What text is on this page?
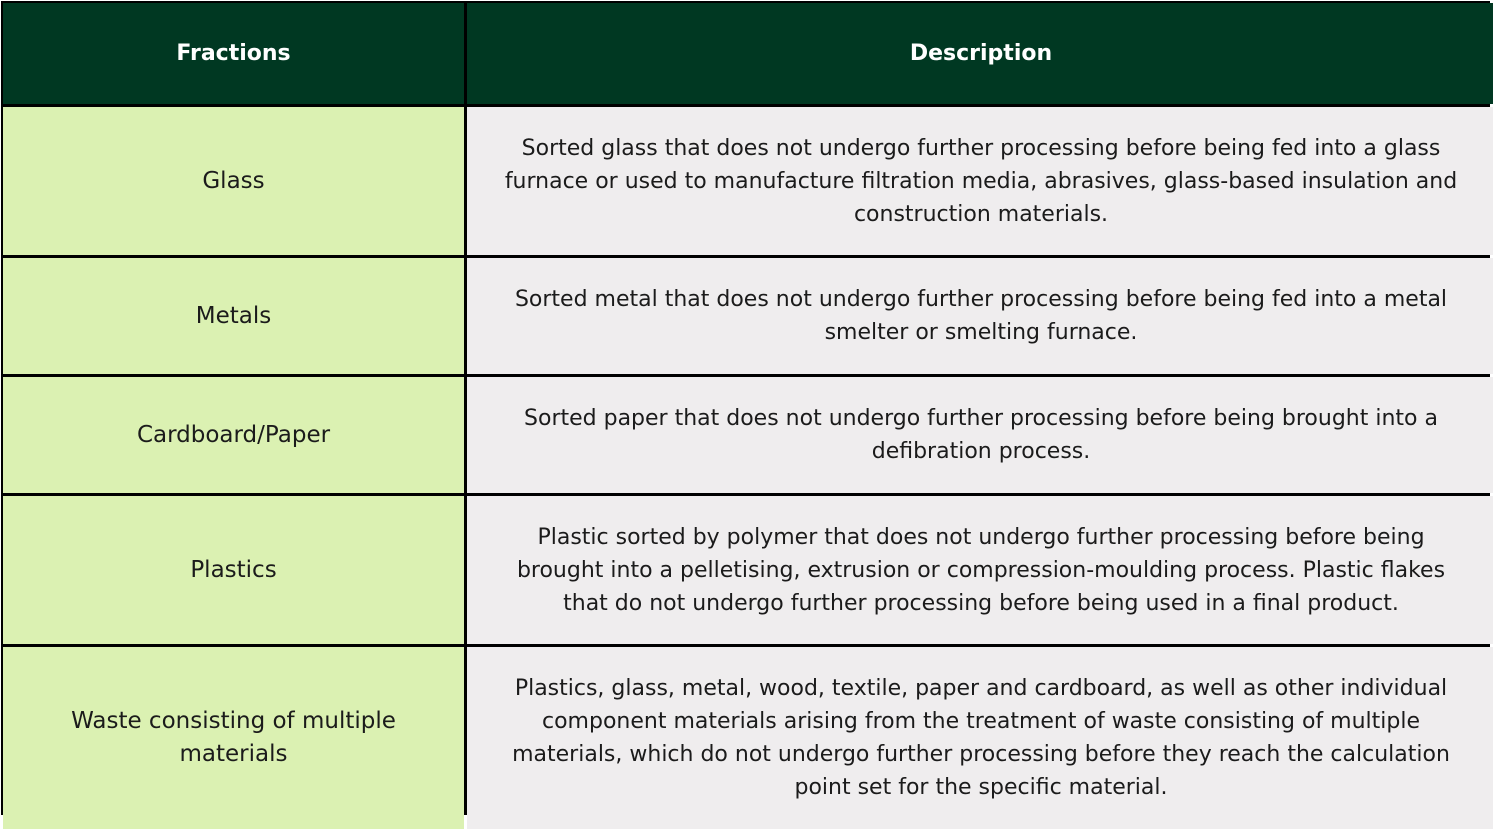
Fractions	Description
Glass
Sorted glass that does not undergo further processing before being fed into a glass furnace or used to manufacture filtration media, abrasives, glass-based insulation and construction materials.
Metals
Sorted metal that does not undergo further processing before being fed into a metal smelter or smelting furnace.
Cardboard/Paper
Sorted paper that does not undergo further processing before being brought into a defibration process.
Plastics
Plastic sorted by polymer that does not undergo further processing before being brought into a pelletising, extrusion or compression-moulding process. Plastic flakes that do not undergo further processing before being used in a final product.
Waste consisting of multiple materials
Plastics, glass, metal, wood, textile, paper and cardboard, as well as other individual component materials arising from the treatment of waste consisting of multiple materials, which do not undergo further processing before they reach the calculation point set for the specific material.
